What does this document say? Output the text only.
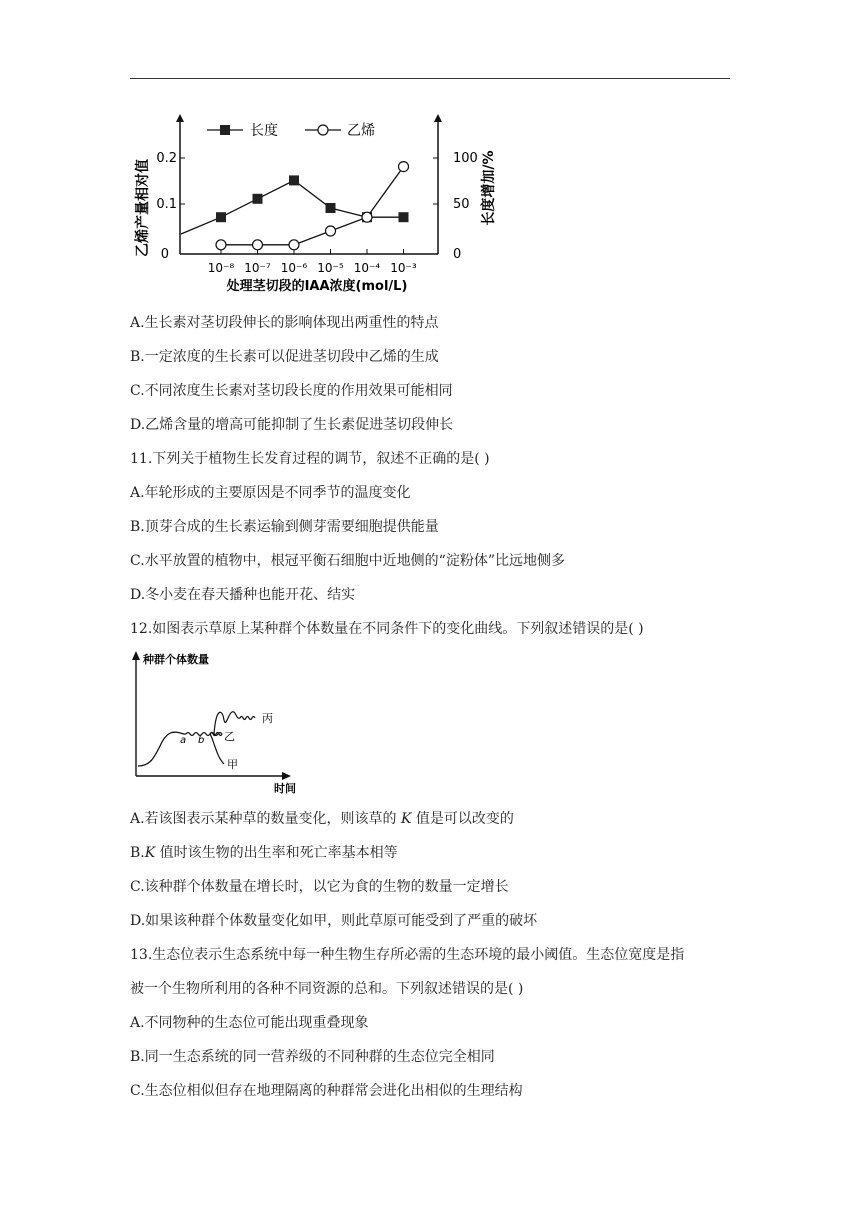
0
0.1
0.2
0
50
100
乙烯产量相对值	长度增加/%
处理茎切段的IAA浓度(mol/L)
10⁻⁸ 10⁻⁷ 10⁻⁶ 10⁻⁵ 10⁻⁴ 10⁻³
长度	乙烯
A.生长素对茎切段伸长的影响体现出两重性的特点
B.一定浓度的生长素可以促进茎切段中乙烯的生成
C.不同浓度生长素对茎切段长度的作用效果可能相同
D.乙烯含量的增高可能抑制了生长素促进茎切段伸长
11.下列关于植物生长发育过程的调节，叙述不正确的是( )
A.年轮形成的主要原因是不同季节的温度变化
B.顶芽合成的生长素运输到侧芽需要细胞提供能量
C.水平放置的植物中，根冠平衡石细胞中近地侧的“淀粉体”比远地侧多
D.冬小麦在春天播种也能开花、结实
12.如图表示草原上某种群个体数量在不同条件下的变化曲线。下列叙述错误的是( )
种群个体数量
时间
a b
甲
乙
丙
A.若该图表示某种草的数量变化，则该草的 K 值是可以改变的
B.K 值时该生物的出生率和死亡率基本相等
C.该种群个体数量在增长时，以它为食的生物的数量一定增长
D.如果该种群个体数量变化如甲，则此草原可能受到了严重的破坏
13.生态位表示生态系统中每一种生物生存所必需的生态环境的最小阈值。生态位宽度是指
被一个生物所利用的各种不同资源的总和。下列叙述错误的是( )
A.不同物种的生态位可能出现重叠现象
B.同一生态系统的同一营养级的不同种群的生态位完全相同
C.生态位相似但存在地理隔离的种群常会进化出相似的生理结构
